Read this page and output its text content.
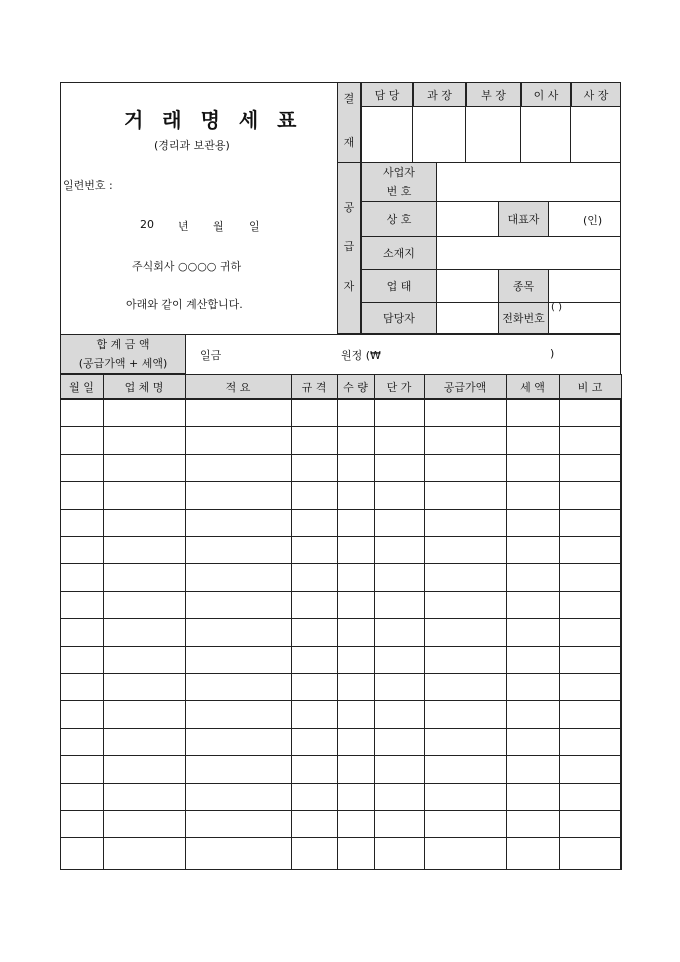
거 래 명 세 표
(경리과 보관용)
일련번호 :
20 년 월 일
주식회사 ○○○○ 귀하
아래와 같이 계산합니다.
결
재
담 당	과 장	부 장	이 사	사 장
공
급
자
사업자
번 호
상 호	대표자	(인)
소재지
업 태	종목
담당자	전화번호
( )
합 계 금 액
(공급가액 + 세액)
일금	원정 (₩	)
월 일	업 체 명	적 요	규 격	수 량	단 가	공급가액	세 액	비 고
